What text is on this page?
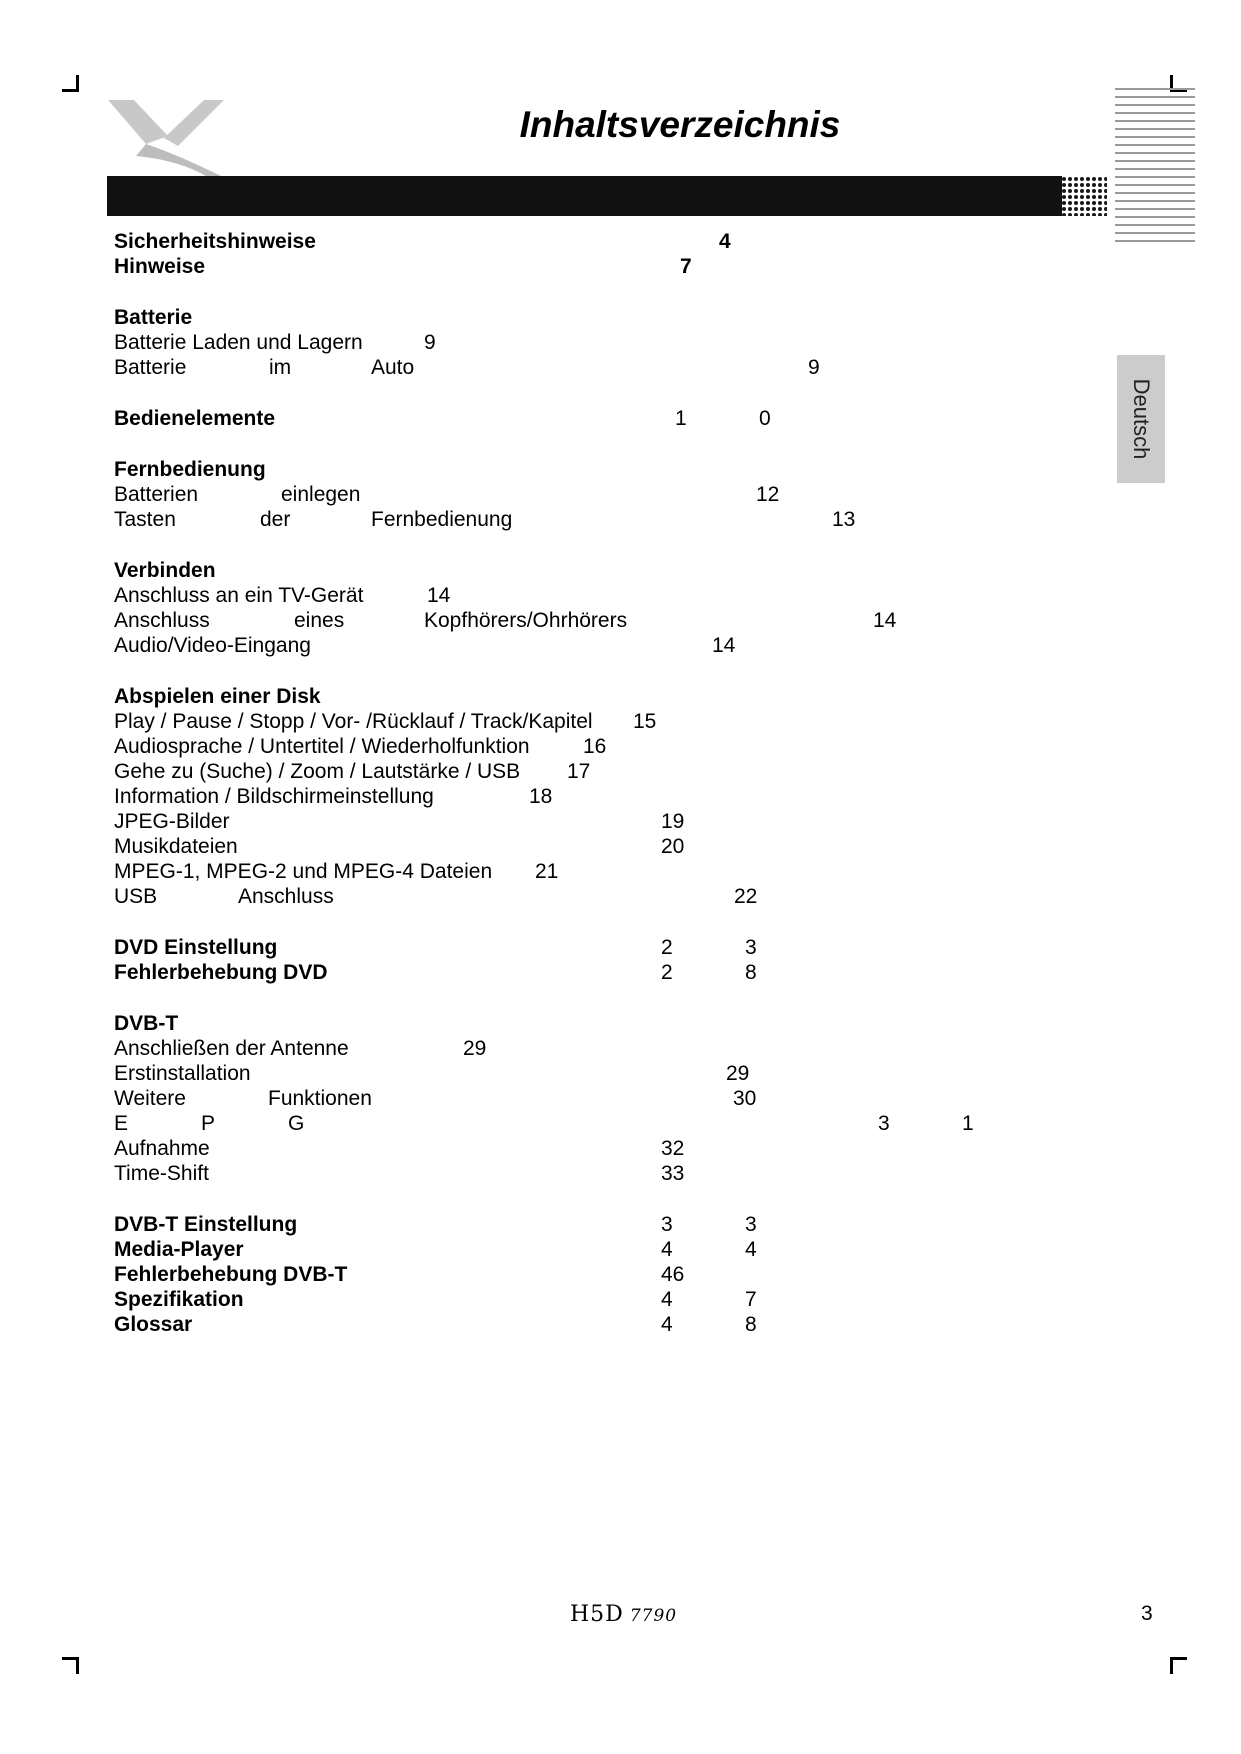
Inhaltsverzeichnis
Deutsch
Sicherheitshinweise	4
Hinweise	7
Batterie
Batterie Laden und Lagern	9
Batterie	im	Auto	9
Bedienelemente	1	0
Fernbedienung
Batterien	einlegen	12
Tasten	der	Fernbedienung	13
Verbinden
Anschluss an ein TV-Gerät	14
Anschluss	eines	Kopfhörers/Ohrhörers	14
Audio/Video-Eingang	14
Abspielen einer Disk
Play / Pause / Stopp / Vor- /Rücklauf / Track/Kapitel 15
Audiosprache / Untertitel / Wiederholfunktion	16
Gehe zu (Suche) / Zoom / Lautstärke / USB 17
Information / Bildschirmeinstellung	18
JPEG-Bilder	19
Musikdateien	20
MPEG-1, MPEG-2 und MPEG-4 Dateien 21
USB	Anschluss	22
DVD Einstellung	2	3
Fehlerbehebung DVD	2	8
DVB-T
Anschließen der Antenne	29
Erstinstallation	29
Weitere	Funktionen	30
E	P	G	3	1
Aufnahme	32
Time-Shift	33
DVB-T Einstellung	3	3
Media-Player	4	4
Fehlerbehebung DVB-T	46
Spezifikation	4	7
Glossar	4	8
H5D 7790	3
